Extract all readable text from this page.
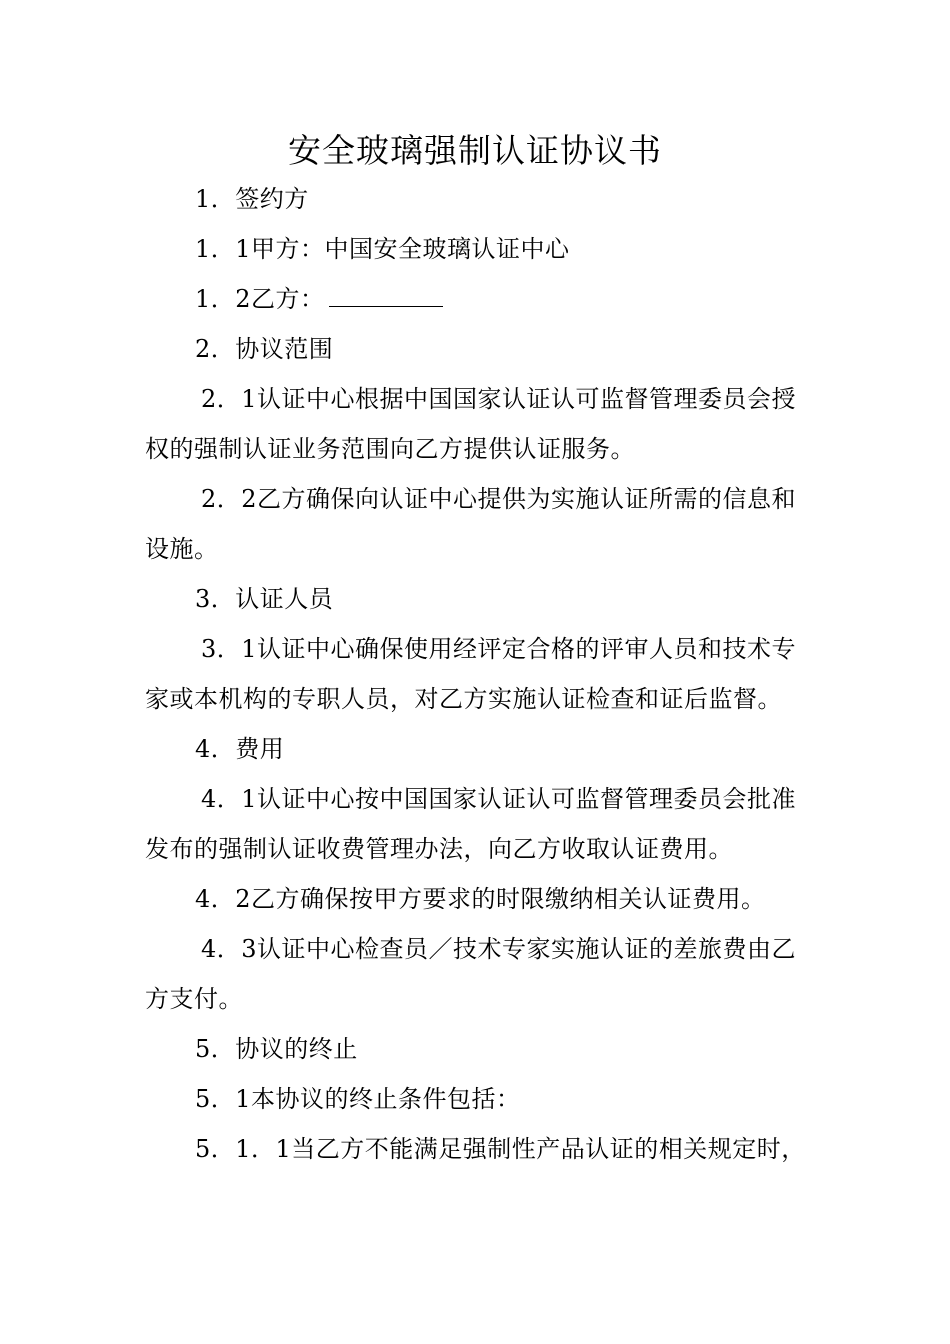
安全玻璃强制认证协议书

1．签约方

1．1甲方：中国安全玻璃认证中心

1．2乙方：

2．协议范围

2．1认证中心根据中国国家认证认可监督管理委员会授权的强制认证业务范围向乙方提供认证服务。

2．2乙方确保向认证中心提供为实施认证所需的信息和设施。

3．认证人员

3．1认证中心确保使用经评定合格的评审人员和技术专家或本机构的专职人员，对乙方实施认证检查和证后监督。

4．费用

4．1认证中心按中国国家认证认可监督管理委员会批准发布的强制认证收费管理办法，向乙方收取认证费用。

4．2乙方确保按甲方要求的时限缴纳相关认证费用。

4．3认证中心检查员／技术专家实施认证的差旅费由乙方支付。

5．协议的终止

5．1本协议的终止条件包括：

5．1．1当乙方不能满足强制性产品认证的相关规定时，
